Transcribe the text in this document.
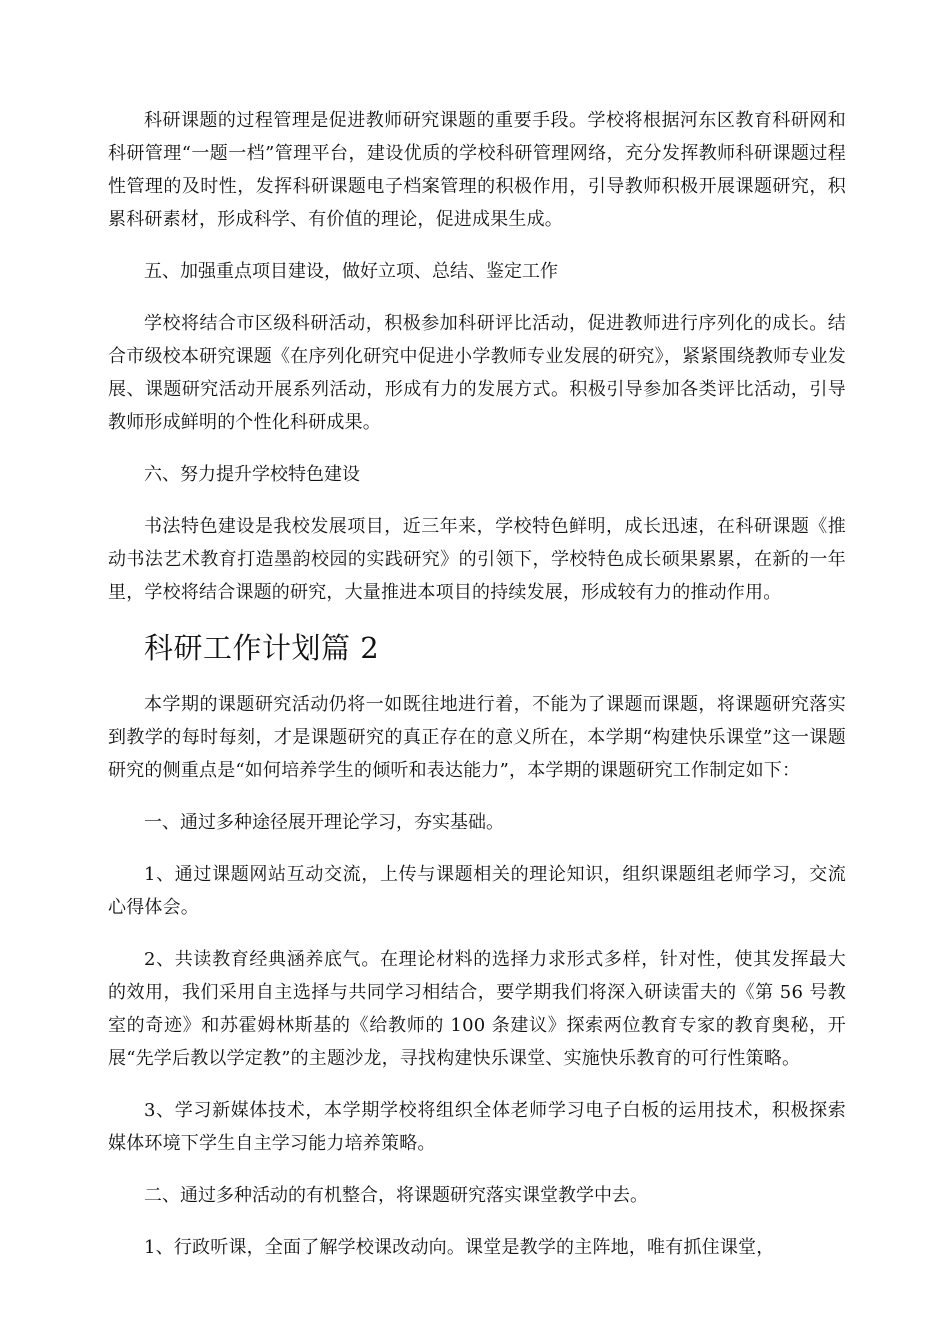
科研课题的过程管理是促进教师研究课题的重要手段。学校将根据河东区教育科研网和科研管理“一题一档”管理平台，建设优质的学校科研管理网络，充分发挥教师科研课题过程性管理的及时性，发挥科研课题电子档案管理的积极作用，引导教师积极开展课题研究，积累科研素材，形成科学、有价值的理论，促进成果生成。

五、加强重点项目建设，做好立项、总结、鉴定工作

学校将结合市区级科研活动，积极参加科研评比活动，促进教师进行序列化的成长。结合市级校本研究课题《在序列化研究中促进小学教师专业发展的研究》，紧紧围绕教师专业发展、课题研究活动开展系列活动，形成有力的发展方式。积极引导参加各类评比活动，引导教师形成鲜明的个性化科研成果。

六、努力提升学校特色建设

书法特色建设是我校发展项目，近三年来，学校特色鲜明，成长迅速，在科研课题《推动书法艺术教育打造墨韵校园的实践研究》的引领下，学校特色成长硕果累累，在新的一年里，学校将结合课题的研究，大量推进本项目的持续发展，形成较有力的推动作用。

科研工作计划篇 2

本学期的课题研究活动仍将一如既往地进行着，不能为了课题而课题，将课题研究落实到教学的每时每刻，才是课题研究的真正存在的意义所在，本学期“构建快乐课堂”这一课题研究的侧重点是“如何培养学生的倾听和表达能力”，本学期的课题研究工作制定如下：

一、通过多种途径展开理论学习，夯实基础。

1、通过课题网站互动交流，上传与课题相关的理论知识，组织课题组老师学习，交流心得体会。

2、共读教育经典涵养底气。在理论材料的选择力求形式多样，针对性，使其发挥最大的效用，我们采用自主选择与共同学习相结合，要学期我们将深入研读雷夫的《第 56 号教室的奇迹》和苏霍姆林斯基的《给教师的 100 条建议》探索两位教育专家的教育奥秘，开展“先学后教以学定教”的主题沙龙，寻找构建快乐课堂、实施快乐教育的可行性策略。

3、学习新媒体技术，本学期学校将组织全体老师学习电子白板的运用技术，积极探索媒体环境下学生自主学习能力培养策略。

二、通过多种活动的有机整合，将课题研究落实课堂教学中去。

1、行政听课，全面了解学校课改动向。课堂是教学的主阵地，唯有抓住课堂，
